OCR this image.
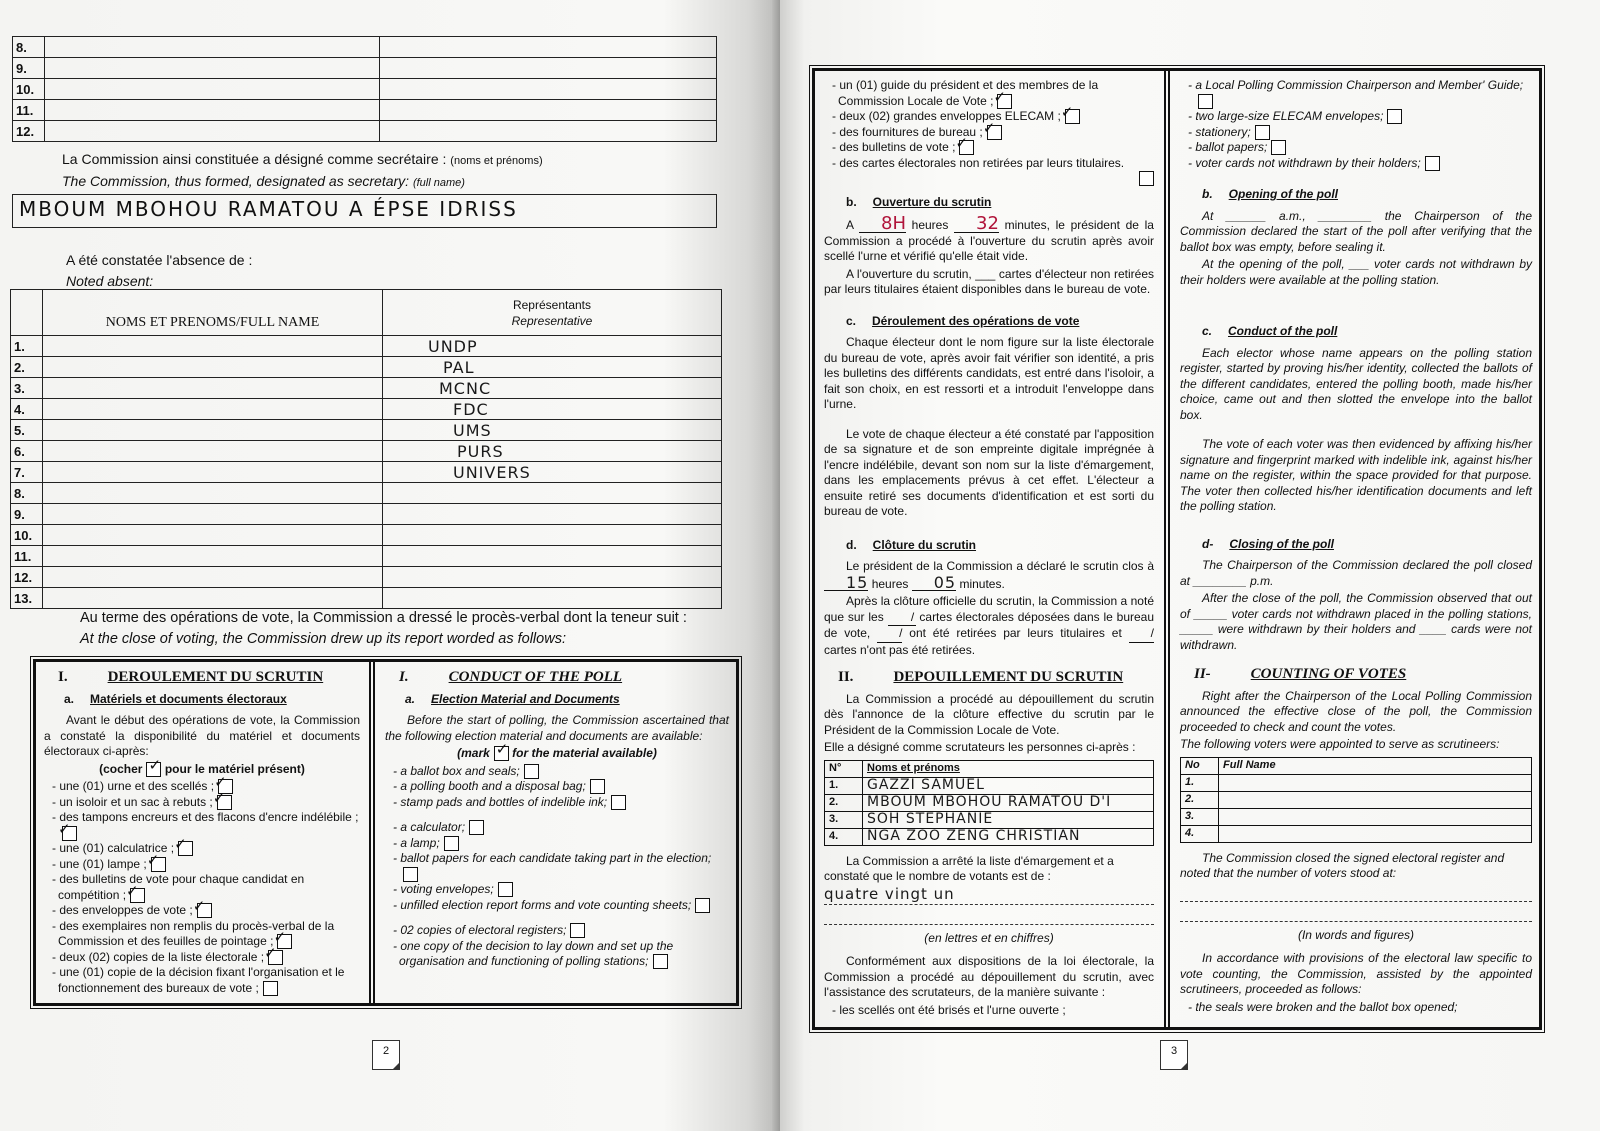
8.		
9.		
10.		
11.		
12.		
La Commission ainsi constituée a désigné comme secrétaire : (noms et prénoms)
The Commission, thus formed, designated as secretary: (full name)
MBOUM MBOHOU RAMATOU A ÉPSE IDRISS
A été constatée l'absence de :
Noted absent:
	NOMS ET PRENOMS/FULL NAME	Représentants
Representative

1.		UNDP
2.		PAL
3.		MCNC
4.		FDC
5.		UMS
6.		PURS
7.		UNIVERS
8.		
9.		
10.		
11.		
12.		
13.		
Au terme des opérations de vote, la Commission a dressé le procès-verbal dont la teneur suit :
At the close of voting, the Commission drew up its report worded as follows:
I.	DEROULEMENT DU SCRUTIN
a. Matériels et documents électoraux

Avant le début des opérations de vote, la Commission a constaté la disponibilité du matériel et documents électoraux ci-après:

(cocher ✓ pour le matériel présent)

- une (01) urne et des scellés ;✓
- un isoloir et un sac à rebuts ;✓
- des tampons encreurs et des flacons d'encre indélébile ;✓
- une (01) calculatrice ;✓
- une (01) lampe ;✓
- des bulletins de vote pour chaque candidat en compétition ;✓
- des enveloppes de vote ;✓
- des exemplaires non remplis du procès-verbal de la Commission et des feuilles de pointage ;✓
- deux (02) copies de la liste électorale ;✓
- une (01) copie de la décision fixant l'organisation et le fonctionnement des bureaux de vote ;
I.	CONDUCT OF THE POLL
a. Election Material and Documents

Before the start of polling, the Commission ascertained that the following election material and documents are available:

(mark ✓ for the material available)

- a ballot box and seals;
- a polling booth and a disposal bag;
- stamp pads and bottles of indelible ink;
- a calculator;
- a lamp;
- ballot papers for each candidate taking part in the election;
- voting envelopes;
- unfilled election report forms and vote counting sheets;
- 02 copies of electoral registers;
- one copy of the decision to lay down and set up the organisation and functioning of polling stations;
2
- un (01) guide du président et des membres de la Commission Locale de Vote ;✓
- deux (02) grandes enveloppes ELECAM ;✓
- des fournitures de bureau ;✓
- des bulletins de vote ;✓
- des cartes électorales non retirées par leurs titulaires.
b. Ouverture du scrutin

A 8H heures 32 minutes, le président de la Commission a procédé à l'ouverture du scrutin après avoir scellé l'urne et vérifié qu'elle était vide.

A l'ouverture du scrutin, ___ cartes d'électeur non retirées par leurs titulaires étaient disponibles dans le bureau de vote.

c. Déroulement des opérations de vote

Chaque électeur dont le nom figure sur la liste électorale du bureau de vote, après avoir fait vérifier son identité, a pris les bulletins des différents candidats, est entré dans l'isoloir, a fait son choix, en est ressorti et a introduit l'enveloppe dans l'urne.

Le vote de chaque électeur a été constaté par l'apposition de sa signature et de son empreinte digitale imprégnée à l'encre indélébile, devant son nom sur la liste d'émargement, dans les emplacements prévus à cet effet. L'électeur a ensuite retiré ses documents d'identification et est sorti du bureau de vote.

d. Clôture du scrutin

Le président de la Commission a déclaré le scrutin clos à 15 heures 05 minutes.

Après la clôture officielle du scrutin, la Commission a noté que sur les / cartes électorales déposées dans le bureau de vote, / ont été retirées par leurs titulaires et / cartes n'ont pas été retirées.

II.	DEPOUILLEMENT DU SCRUTIN

La Commission a procédé au dépouillement du scrutin dès l'annonce de la clôture effective du scrutin par le Président de la Commission Locale de Vote.

Elle a désigné comme scrutateurs les personnes ci-après :

N°	Noms et prénoms
1.	GAZZI SAMUEL
2.	MBOUM MBOHOU RAMATOU D'I
3.	SOH STEPHANIE
4.	NGA ZOO ZENG CHRISTIAN

La Commission a arrêté la liste d'émargement et a constaté que le nombre de votants est de :

quatre vingt un

(en lettres et en chiffres)

Conformément aux dispositions de la loi électorale, la Commission a procédé au dépouillement du scrutin, avec l'assistance des scrutateurs, de la manière suivante :

- les scellés ont été brisés et l'urne ouverte ;

- a Local Polling Commission Chairperson and Member' Guide;
- two large-size ELECAM envelopes;
- stationery;
- ballot papers;
- voter cards not withdrawn by their holders;
b. Opening of the poll

At ______ a.m., ________ the Chairperson of the Commission declared the start of the poll after verifying that the ballot box was empty, before sealing it.

At the opening of the poll, ___ voter cards not withdrawn by their holders were available at the polling station.

c. Conduct of the poll

Each elector whose name appears on the polling station register, started by proving his/her identity, collected the ballots of the different candidates, entered the polling booth, made his/her choice, came out and then slotted the envelope into the ballot box.

The vote of each voter was then evidenced by affixing his/her signature and fingerprint marked with indelible ink, against his/her name on the register, within the space provided for that purpose. The voter then collected his/her identification documents and left the polling station.

d- Closing of the poll

The Chairperson of the Commission declared the poll closed at ________ p.m.

After the close of the poll, the Commission observed that out of _____ voter cards not withdrawn placed in the polling stations, _____ were withdrawn by their holders and ____ cards were not withdrawn.

II-	COUNTING OF VOTES

Right after the Chairperson of the Local Polling Commission announced the effective close of the poll, the Commission proceeded to check and count the votes.

The following voters were appointed to serve as scrutineers:

No	Full Name
1.	
2.	
3.	
4.	

The Commission closed the signed electoral register and noted that the number of voters stood at:

(In words and figures)

In accordance with provisions of the electoral law specific to vote counting, the Commission, assisted by the appointed scrutineers, proceeded as follows:

- the seals were broken and the ballot box opened;

3
